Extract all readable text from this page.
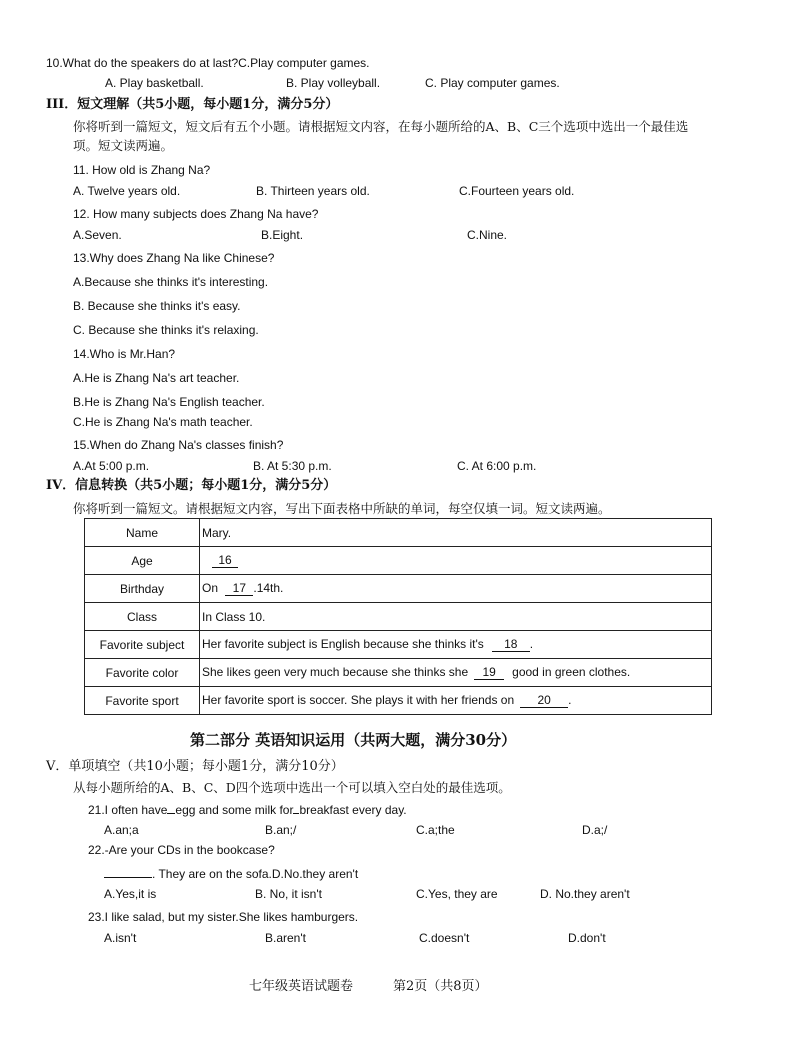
10.What do the speakers do at last?C.Play computer games.
A. Play basketball.	B. Play volleyball.	C. Play computer games.
III．短文理解（共5小题，每小题1分，满分5分）
你将听到一篇短文，短文后有五个小题。请根据短文内容，在每小题所给的A、B、C三个选项中选出一个最佳选
项。短文读两遍。
11. How old is Zhang Na?
A. Twelve years old.	B. Thirteen years old.	C.Fourteen years old.
12. How many subjects does Zhang Na have?
A.Seven.	B.Eight.	C.Nine.
13.Why does Zhang Na like Chinese?
A.Because she thinks it's interesting.
B. Because she thinks it's easy.
C. Because she thinks it's relaxing.
14.Who is Mr.Han?
A.He is Zhang Na's art teacher.
B.He is Zhang Na's English teacher.
C.He is Zhang Na's math teacher.
15.When do Zhang Na's classes finish?
A.At 5:00 p.m.	B. At 5:30 p.m.	C. At 6:00 p.m.
IV．信息转换（共5小题；每小题1分，满分5分）
你将听到一篇短文。请根据短文内容，写出下面表格中所缺的单词，每空仅填一词。短文读两遍。
Name	Mary.
Age	16
Birthday	On 17 .14th.
Class	In Class 10.
Favorite subject	Her favorite subject is English because she thinks it's 18 .
Favorite color	She likes geen very much because she thinks she 19 good in green clothes.
Favorite sport	Her favorite sport is soccer. She plays it with her friends on 20 .
第二部分 英语知识运用（共两大题，满分30分）
V．单项填空（共10小题；每小题1分，满分10分）
从每小题所给的A、B、C、D四个选项中选出一个可以填入空白处的最佳选项。
21.I often have egg and some milk for breakfast every day.
A.an;a	B.an;/	C.a;the	D.a;/
22.-Are your CDs in the bookcase?
. They are on the sofa.D.No.they aren't
A.Yes,it is	B. No, it isn't	C.Yes, they are	D. No.they aren't
23.I like salad, but my sister.She likes hamburgers.
A.isn't	B.aren't	C.doesn't	D.don't
七年级英语试题卷	第2页（共8页）
